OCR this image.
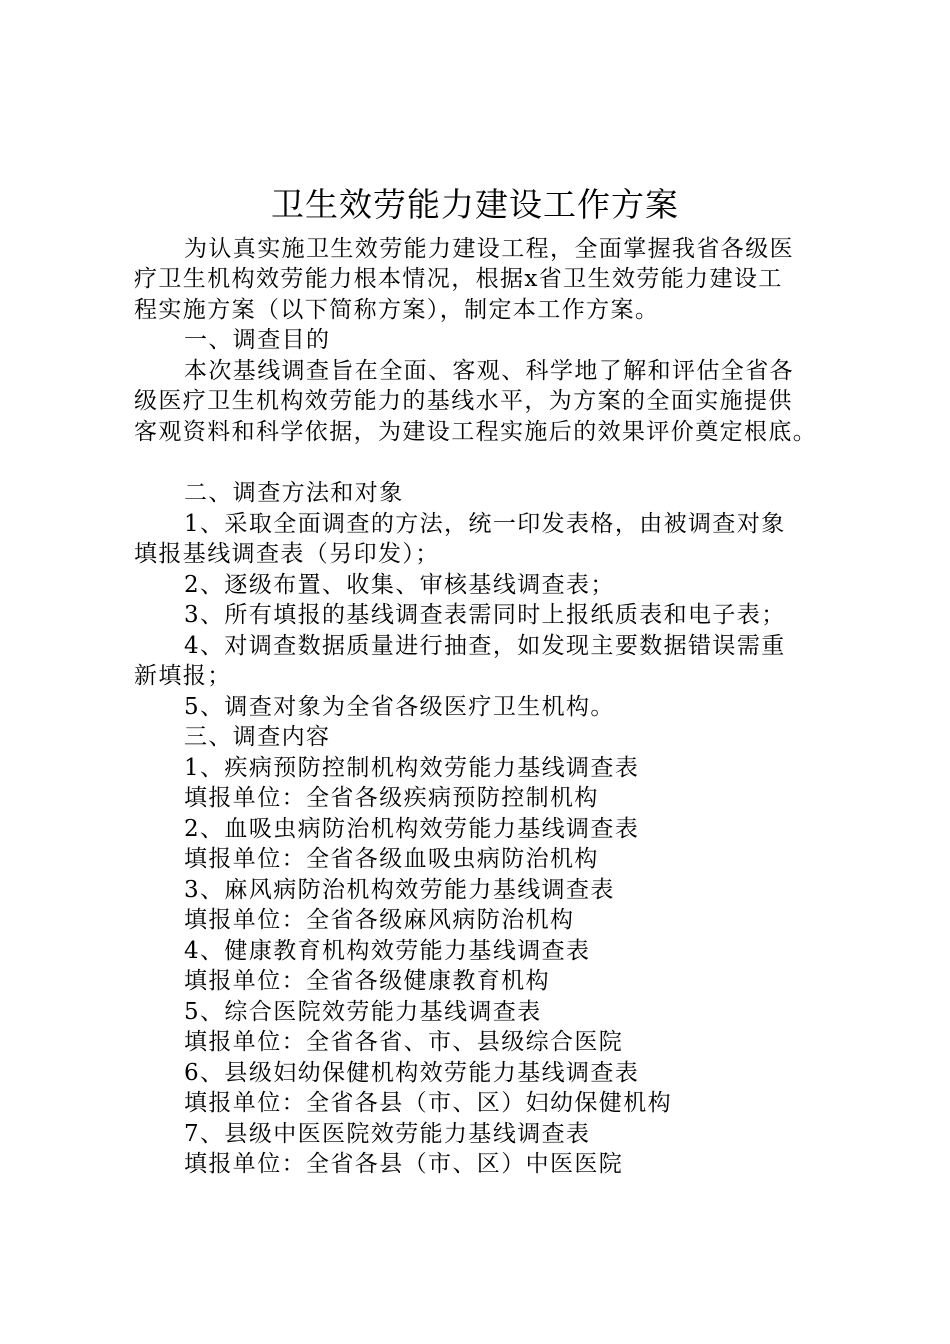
卫生效劳能力建设工作方案
为认真实施卫生效劳能力建设工程，全面掌握我省各级医
疗卫生机构效劳能力根本情况，根据x省卫生效劳能力建设工
程实施方案（以下简称方案），制定本工作方案。
一、调查目的
本次基线调查旨在全面、客观、科学地了解和评估全省各
级医疗卫生机构效劳能力的基线水平，为方案的全面实施提供
客观资料和科学依据，为建设工程实施后的效果评价奠定根底。
二、调查方法和对象
1、采取全面调查的方法，统一印发表格，由被调查对象
填报基线调查表（另印发）；
2、逐级布置、收集、审核基线调查表；
3、所有填报的基线调查表需同时上报纸质表和电子表；
4、对调查数据质量进行抽查，如发现主要数据错误需重
新填报；
5、调查对象为全省各级医疗卫生机构。
三、调查内容
1、疾病预防控制机构效劳能力基线调查表
填报单位：全省各级疾病预防控制机构
2、血吸虫病防治机构效劳能力基线调查表
填报单位：全省各级血吸虫病防治机构
3、麻风病防治机构效劳能力基线调查表
填报单位：全省各级麻风病防治机构
4、健康教育机构效劳能力基线调查表
填报单位：全省各级健康教育机构
5、综合医院效劳能力基线调查表
填报单位：全省各省、市、县级综合医院
6、县级妇幼保健机构效劳能力基线调查表
填报单位：全省各县（市、区）妇幼保健机构
7、县级中医医院效劳能力基线调查表
填报单位：全省各县（市、区）中医医院
